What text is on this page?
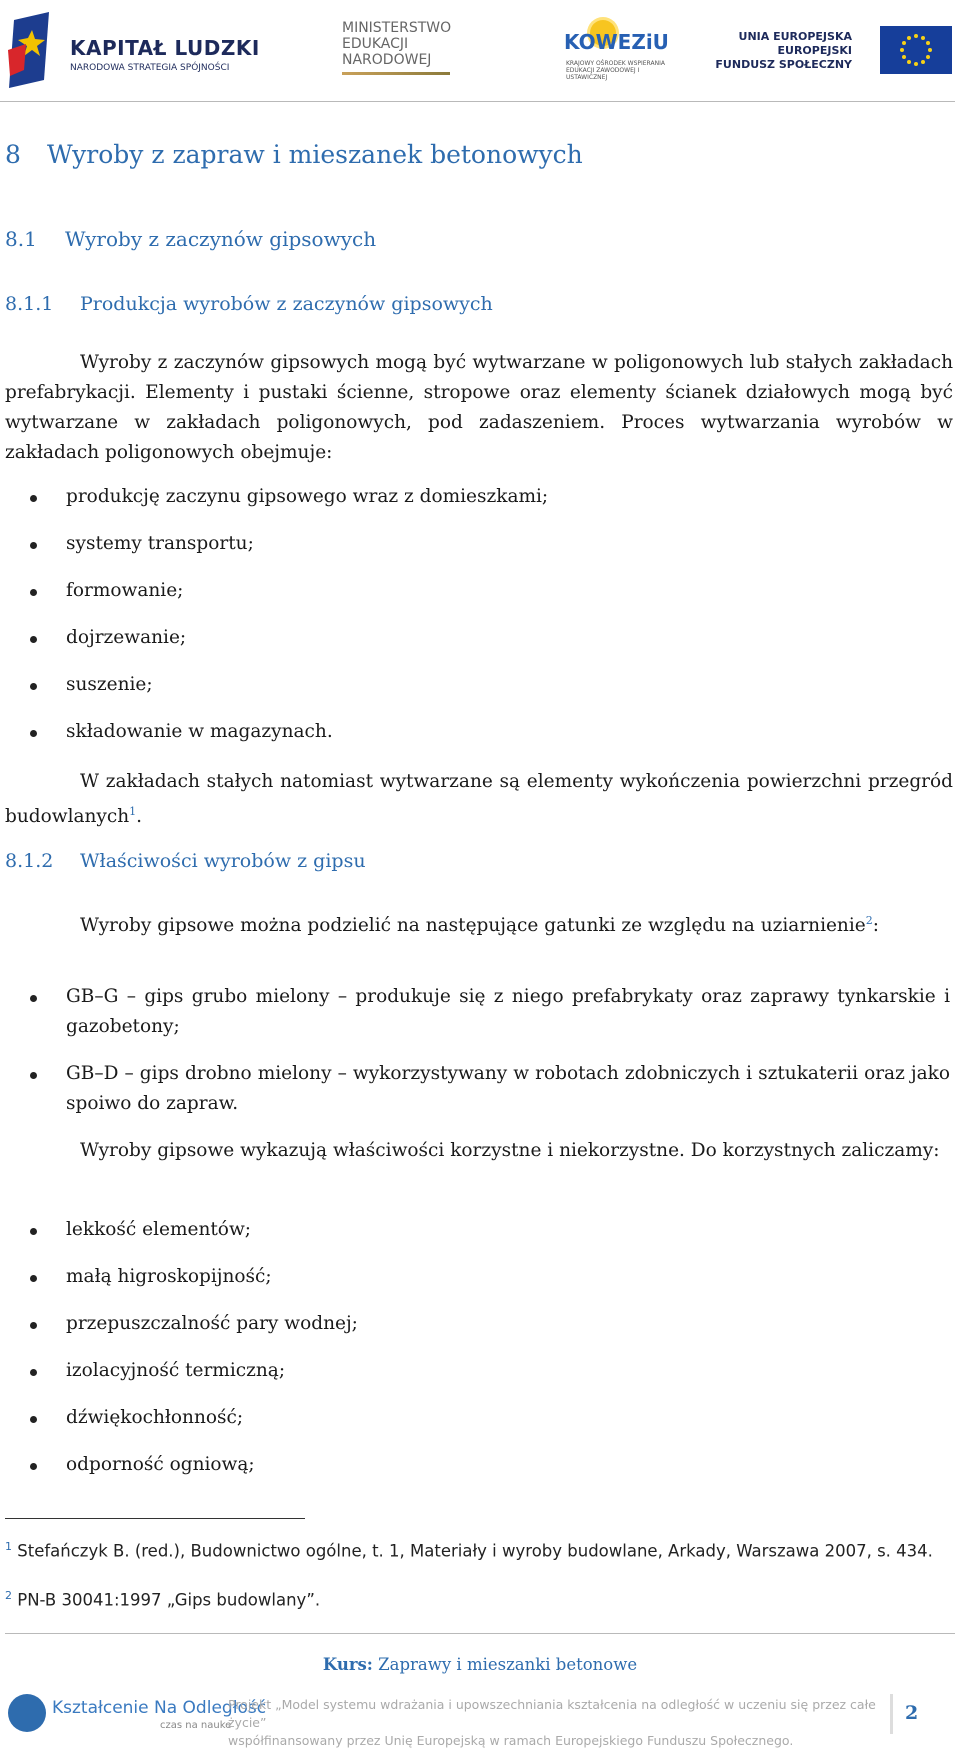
KAPITAŁ LUDZKI
NARODOWA STRATEGIA SPÓJNOŚCI
MINISTERSTWO
EDUKACJI
NARODOWEJ
KOWEZiU
KRAJOWY OŚRODEK WSPIERANIA EDUKACJI ZAWODOWEJ I USTAWICZNEJ
UNIA EUROPEJSKA
EUROPEJSKI
FUNDUSZ SPOŁECZNY
8 Wyroby z zapraw i mieszanek betonowych
8.1 Wyroby z zaczynów gipsowych
8.1.1 Produkcja wyrobów z zaczynów gipsowych

Wyroby z zaczynów gipsowych mogą być wytwarzane w poligonowych lub stałych zakładach prefabrykacji. Elementy i pustaki ścienne, stropowe oraz elementy ścianek działowych mogą być wytwarzane w zakładach poligonowych, pod zadaszeniem. Proces wytwarzania wyrobów w zakładach poligonowych obejmuje:

produkcję zaczynu gipsowego wraz z domieszkami;
systemy transportu;
formowanie;
dojrzewanie;
suszenie;
składowanie w magazynach.

W zakładach stałych natomiast wytwarzane są elementy wykończenia powierzchni przegród budowlanych$^1$.

8.1.2 Właściwości wyrobów z gipsu

Wyroby gipsowe można podzielić na następujące gatunki ze względu na uziarnienie$^2$:

GB–G – gips grubo mielony – produkuje się z niego prefabrykaty oraz zaprawy tynkarskie i gazobetony;
GB–D – gips drobno mielony – wykorzystywany w robotach zdobniczych i sztukaterii oraz jako spoiwo do zapraw.

Wyroby gipsowe wykazują właściwości korzystne i niekorzystne. Do korzystnych zaliczamy:

lekkość elementów;
małą higroskopijność;
przepuszczalność pary wodnej;
izolacyjność termiczną;
dźwiękochłonność;
odporność ogniową;
$^1$ Stefańczyk B. (red.), Budownictwo ogólne, t. 1, Materiały i wyroby budowlane, Arkady, Warszawa 2007, s. 434.
$^2$ PN-B 30041:1997 „Gips budowlany”.
Kurs: Zaprawy i mieszanki betonowe
Kształcenie Na Odległość
czas na nauke
Projekt „Model systemu wdrażania i upowszechniania kształcenia na odległość w uczeniu się przez całe życie”
współfinansowany przez Unię Europejską w ramach Europejskiego Funduszu Społecznego.
2
